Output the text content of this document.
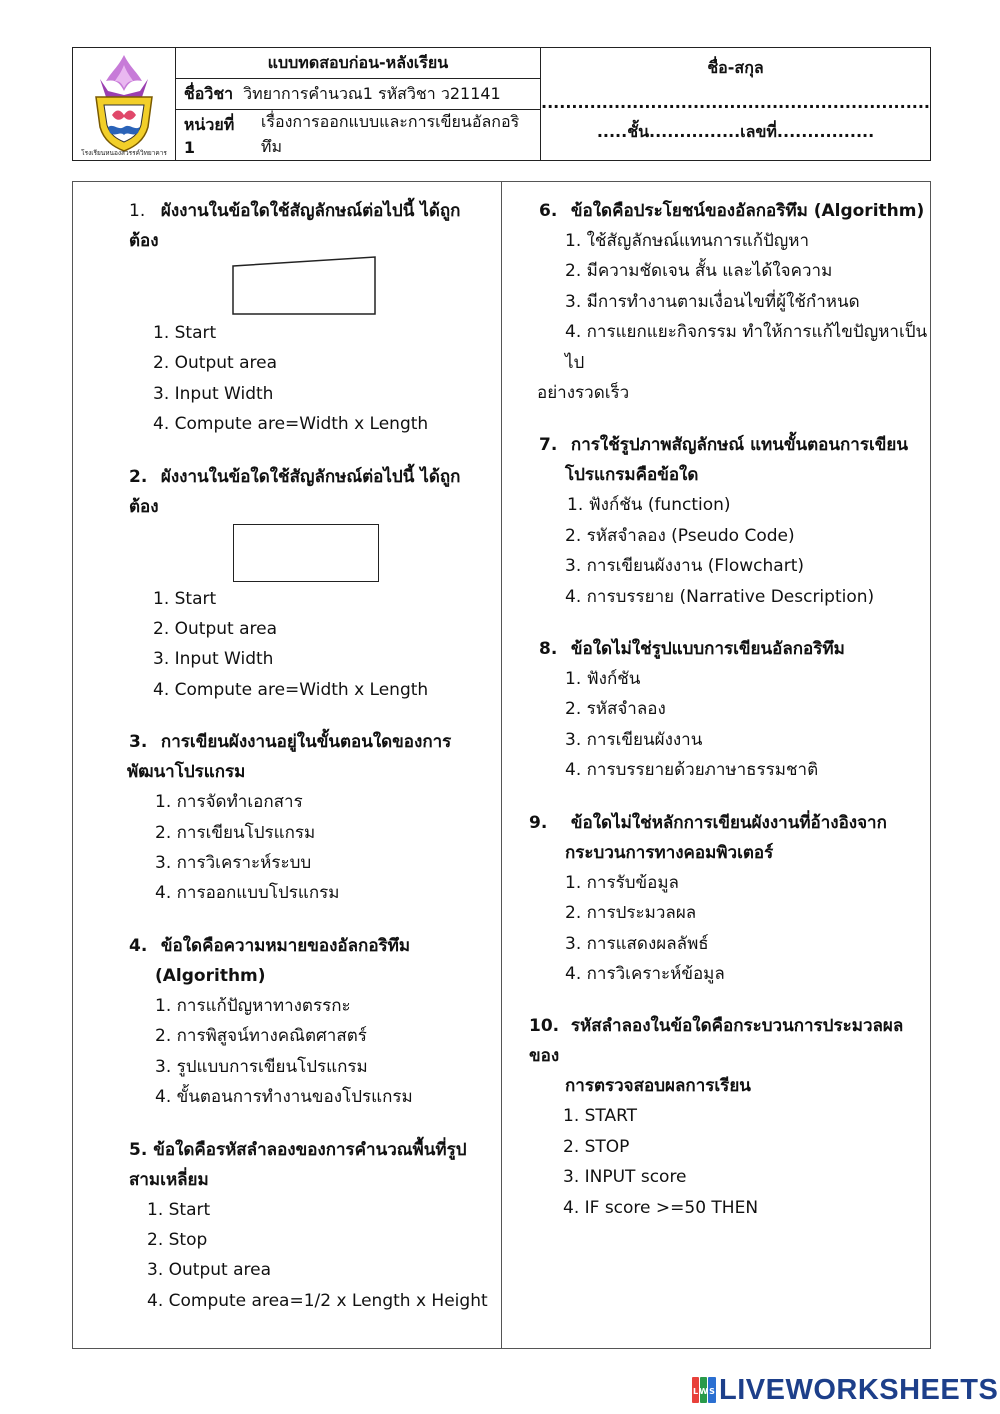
โรงเรียนหนองสวรรค์วิทยาคาร
แบบทดสอบก่อน-หลังเรียน
ชื่อวิชา วิทยาการคำนวณ1 รหัสวิชา ว21141
หน่วยที่ 1
เรื่องการออกแบบและการเขียนอัลกอริทึม
ชื่อ-สกุล
................................................................
.....ชั้น...............เลขที่................
1. ผังงานในข้อใดใช้สัญลักษณ์ต่อไปนี้ ได้ถูกต้อง
1. Start
2. Output area
3. Input Width
4. Compute are=Width x Length
2. ผังงานในข้อใดใช้สัญลักษณ์ต่อไปนี้ ได้ถูกต้อง
1. Start
2. Output area
3. Input Width
4. Compute are=Width x Length
3. การเขียนผังงานอยู่ในขั้นตอนใดของการ
พัฒนาโปรแกรม
1. การจัดทำเอกสาร
2. การเขียนโปรแกรม
3. การวิเคราะห์ระบบ
4. การออกแบบโปรแกรม
4. ข้อใดคือความหมายของอัลกอริทึม
(Algorithm)
1. การแก้ปัญหาทางตรรกะ
2. การพิสูจน์ทางคณิตศาสตร์
3. รูปแบบการเขียนโปรแกรม
4. ขั้นตอนการทำงานของโปรแกรม
5. ข้อใดคือรหัสลำลองของการคำนวณพื้นที่รูป
สามเหลี่ยม
1. Start
2. Stop
3. Output area
4. Compute area=1/2 x Length x Height
6. ข้อใดคือประโยชน์ของอัลกอริทึม (Algorithm)
1. ใช้สัญลักษณ์แทนการแก้ปัญหา
2. มีความชัดเจน สั้น และได้ใจความ
3. มีการทำงานตามเงื่อนไขที่ผู้ใช้กำหนด
4. การแยกแยะกิจกรรม ทำให้การแก้ไขปัญหาเป็นไป
อย่างรวดเร็ว
7. การใช้รูปภาพสัญลักษณ์ แทนขั้นตอนการเขียน
โปรแกรมคือข้อใด
1. ฟังก์ชัน (function)
2. รหัสจำลอง (Pseudo Code)
3. การเขียนผังงาน (Flowchart)
4. การบรรยาย (Narrative Description)
8. ข้อใดไม่ใช่รูปแบบการเขียนอัลกอริทึม
1. ฟังก์ชัน
2. รหัสจำลอง
3. การเขียนผังงาน
4. การบรรยายด้วยภาษาธรรมชาติ
9. ข้อใดไม่ใช่หลักการเขียนผังงานที่อ้างอิงจาก
กระบวนการทางคอมพิวเตอร์
1. การรับข้อมูล
2. การประมวลผล
3. การแสดงผลลัพธ์
4. การวิเคราะห์ข้อมูล
10. รหัสลำลองในข้อใดคือกระบวนการประมวลผลของ
การตรวจสอบผลการเรียน
1. START
2. STOP
3. INPUT score
4. IF score >=50 THEN
L W S LIVEWORKSHEETS
